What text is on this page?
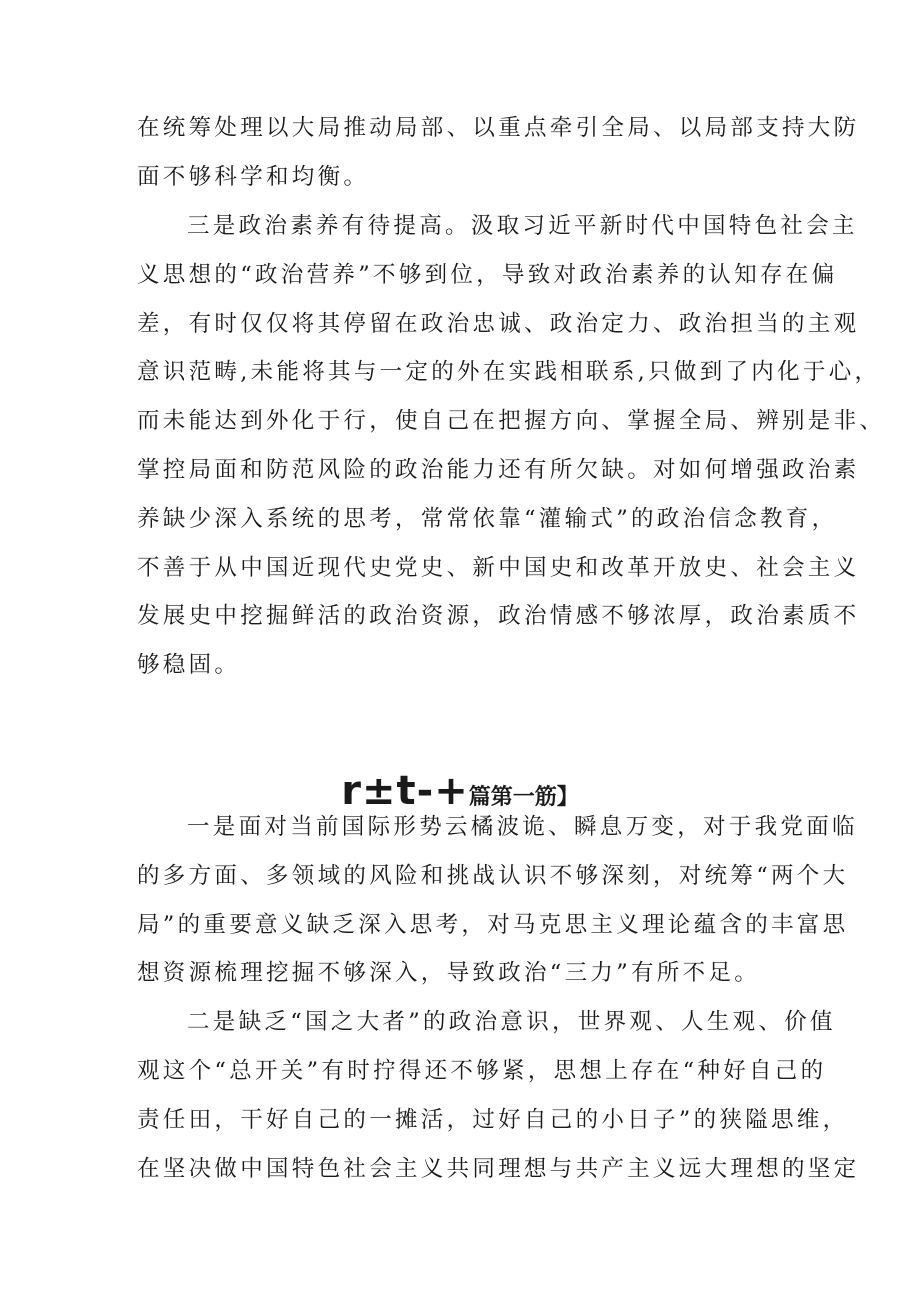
在统筹处理以大局推动局部、以重点牵引全局、以局部支持大防
面不够科学和均衡。
三是政治素养有待提高。汲取习近平新时代中国特色社会主
义思想的“政治营养”不够到位，导致对政治素养的认知存在偏
差，有时仅仅将其停留在政治忠诚、政治定力、政治担当的主观
意识范畴,未能将其与一定的外在实践相联系,只做到了内化于心，
而未能达到外化于行，使自己在把握方向、掌握全局、辨别是非、
掌控局面和防范风险的政治能力还有所欠缺。对如何增强政治素
养缺少深入系统的思考，常常依靠“灌输式”的政治信念教育，
不善于从中国近现代史党史、新中国史和改革开放史、社会主义
发展史中挖掘鲜活的政治资源，政治情感不够浓厚，政治素质不
够稳固。
r±t-+篇第一筋】
一是面对当前国际形势云橘波诡、瞬息万变，对于我党面临
的多方面、多领域的风险和挑战认识不够深刻，对统筹“两个大
局”的重要意义缺乏深入思考，对马克思主义理论蕴含的丰富思
想资源梳理挖掘不够深入，导致政治“三力”有所不足。
二是缺乏“国之大者”的政治意识，世界观、人生观、价值
观这个“总开关”有时拧得还不够紧，思想上存在“种好自己的
责任田，干好自己的一摊活，过好自己的小日子”的狭隘思维，
在坚决做中国特色社会主义共同理想与共产主义远大理想的坚定
